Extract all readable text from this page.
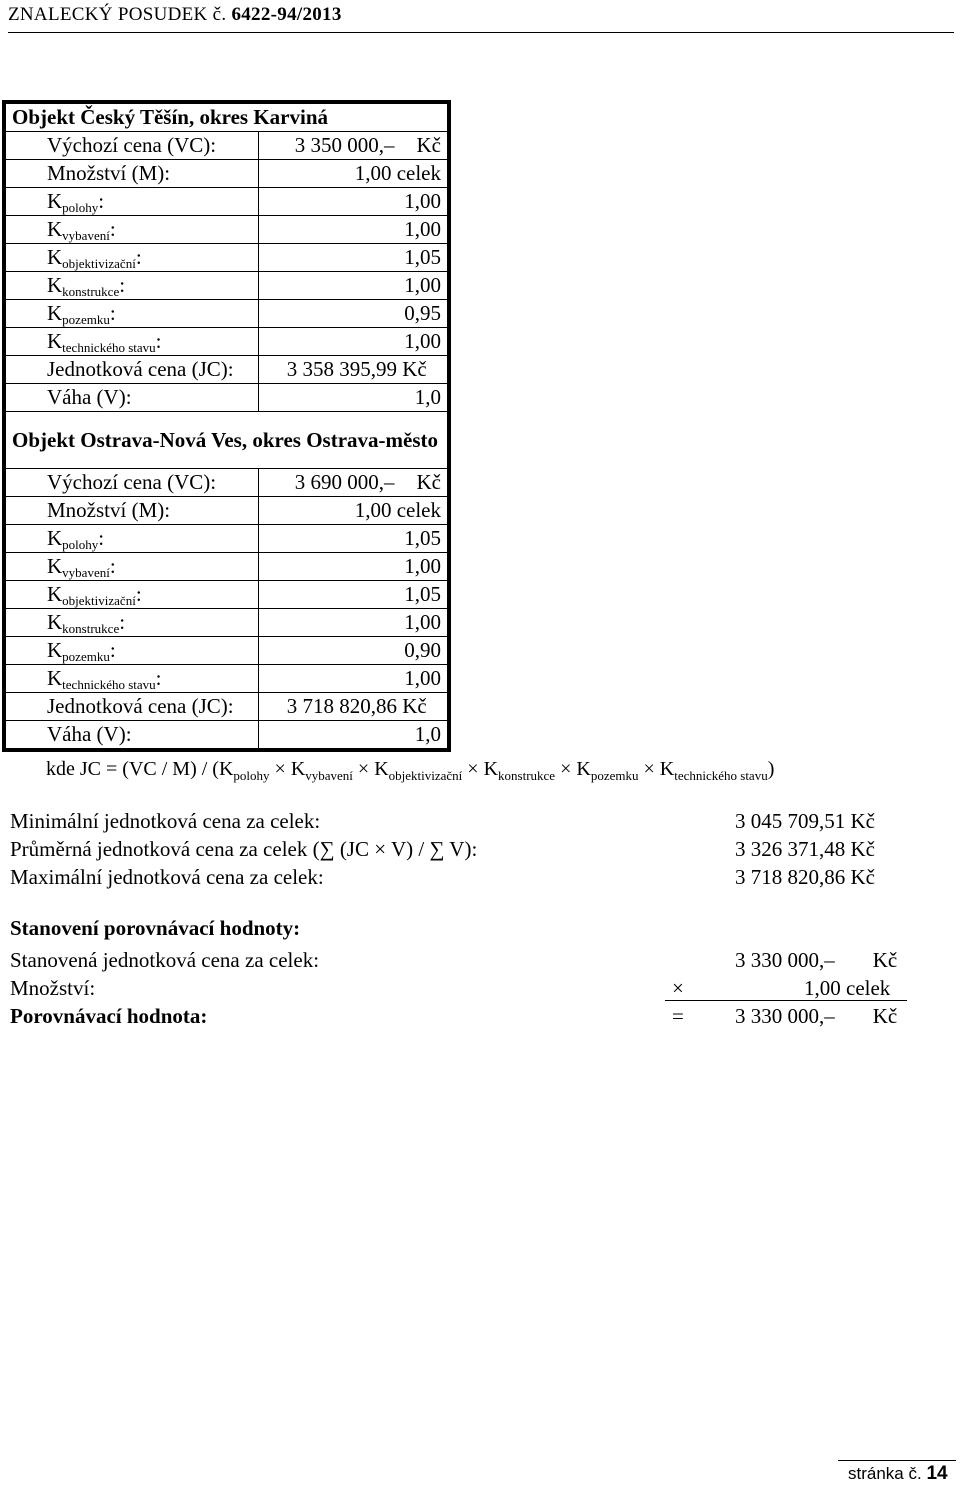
ZNALECKÝ POSUDEK č. 6422-94/2013
Objekt Český Těšín, okres Karviná	
Výchozí cena (VC):	3 350 000,– Kč
Množství (M):	1,00 celek
$K_{polohy}$:	1,00
$K_{vybavení}$:	1,00
$K_{objektivizační}$:	1,05
$K_{konstrukce}$:	1,00
$K_{pozemku}$:	0,95
$K_{technického stavu}$:	1,00
Jednotková cena (JC):	3 358 395,99 Kč
Váha (V):	1,0
Objekt Ostrava-Nová Ves, okres Ostrava-město	
Výchozí cena (VC):	3 690 000,– Kč
Množství (M):	1,00 celek
$K_{polohy}$:	1,05
$K_{vybavení}$:	1,00
$K_{objektivizační}$:	1,05
$K_{konstrukce}$:	1,00
$K_{pozemku}$:	0,90
$K_{technického stavu}$:	1,00
Jednotková cena (JC):	3 718 820,86 Kč
Váha (V):	1,0
kde JC = $(VC / M) / (K_{polohy} \times K_{vybavení} \times K_{objektivizační} \times K_{konstrukce} \times K_{pozemku} \times K_{technického stavu})$
Minimální jednotková cena za celek:	3 045 709,51 Kč
Průměrná jednotková cena za celek (∑ (JC × V) / ∑ V):	3 326 371,48 Kč
Maximální jednotková cena za celek:	3 718 820,86 Kč
Stanovení porovnávací hodnoty:
Stanovená jednotková cena za celek:	3 330 000,– Kč
Množství:	×	1,00 celek
Porovnávací hodnota:	= 3 330 000,– Kč
stránka č. 14
